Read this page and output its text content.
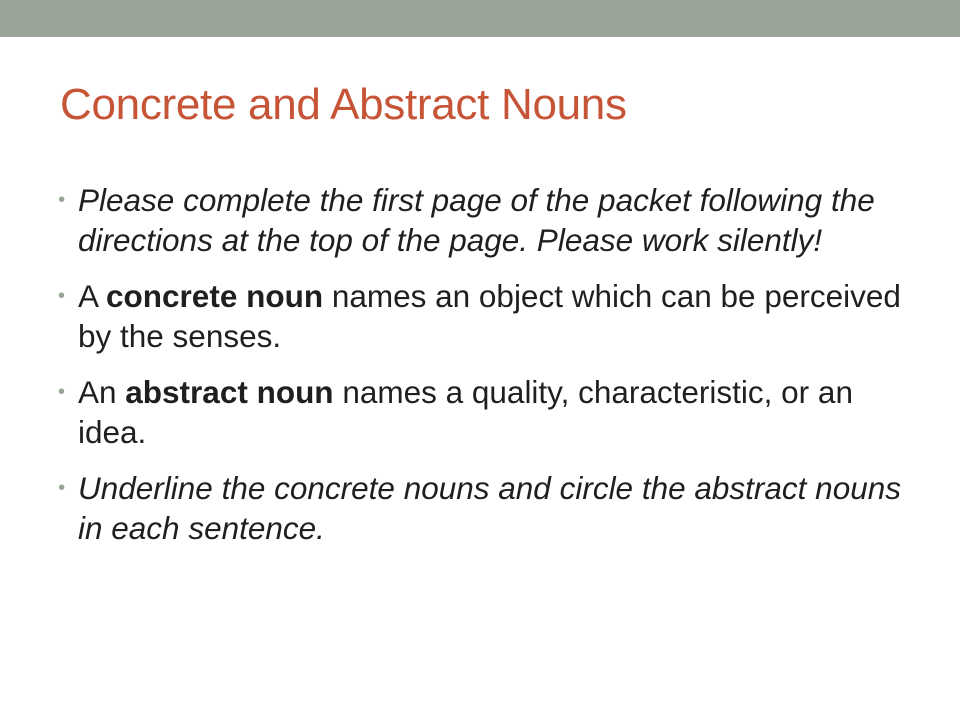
Concrete and Abstract Nouns
• Please complete the first page of the packet following the directions at the top of the page. Please work silently!
• A concrete noun names an object which can be perceived by the senses.
• An abstract noun names a quality, characteristic, or an idea.
• Underline the concrete nouns and circle the abstract nouns in each sentence.
